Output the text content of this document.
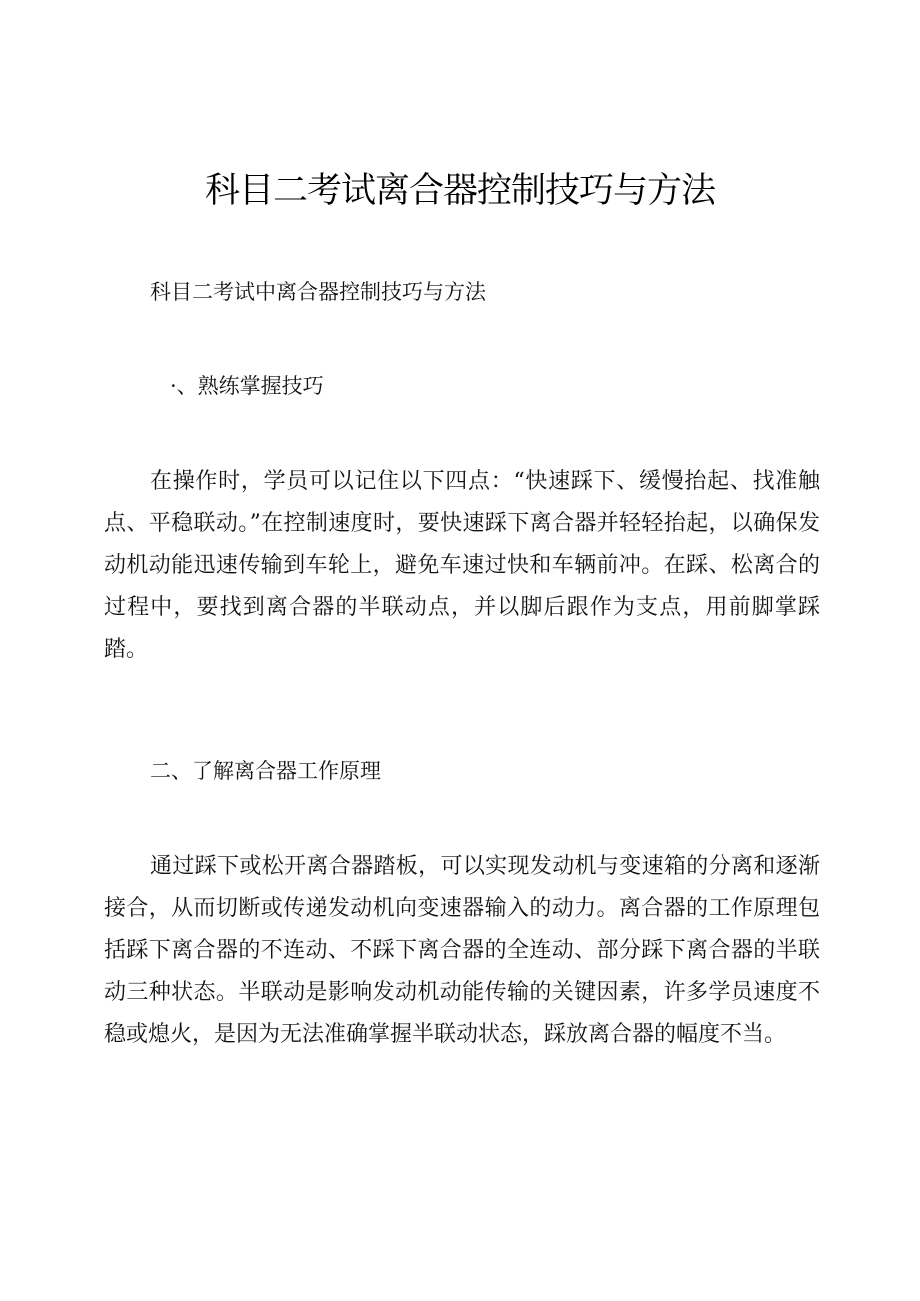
科目二考试离合器控制技巧与方法

科目二考试中离合器控制技巧与方法

·、熟练掌握技巧

在操作时，学员可以记住以下四点：“快速踩下、缓慢抬起、找准触点、平稳联动。”在控制速度时，要快速踩下离合器并轻轻抬起，以确保发动机动能迅速传输到车轮上，避免车速过快和车辆前冲。在踩、松离合的过程中，要找到离合器的半联动点，并以脚后跟作为支点，用前脚掌踩踏。

二、了解离合器工作原理

通过踩下或松开离合器踏板，可以实现发动机与变速箱的分离和逐渐接合，从而切断或传递发动机向变速器输入的动力。离合器的工作原理包括踩下离合器的不连动、不踩下离合器的全连动、部分踩下离合器的半联动三种状态。半联动是影响发动机动能传输的关键因素，许多学员速度不稳或熄火，是因为无法准确掌握半联动状态，踩放离合器的幅度不当。
